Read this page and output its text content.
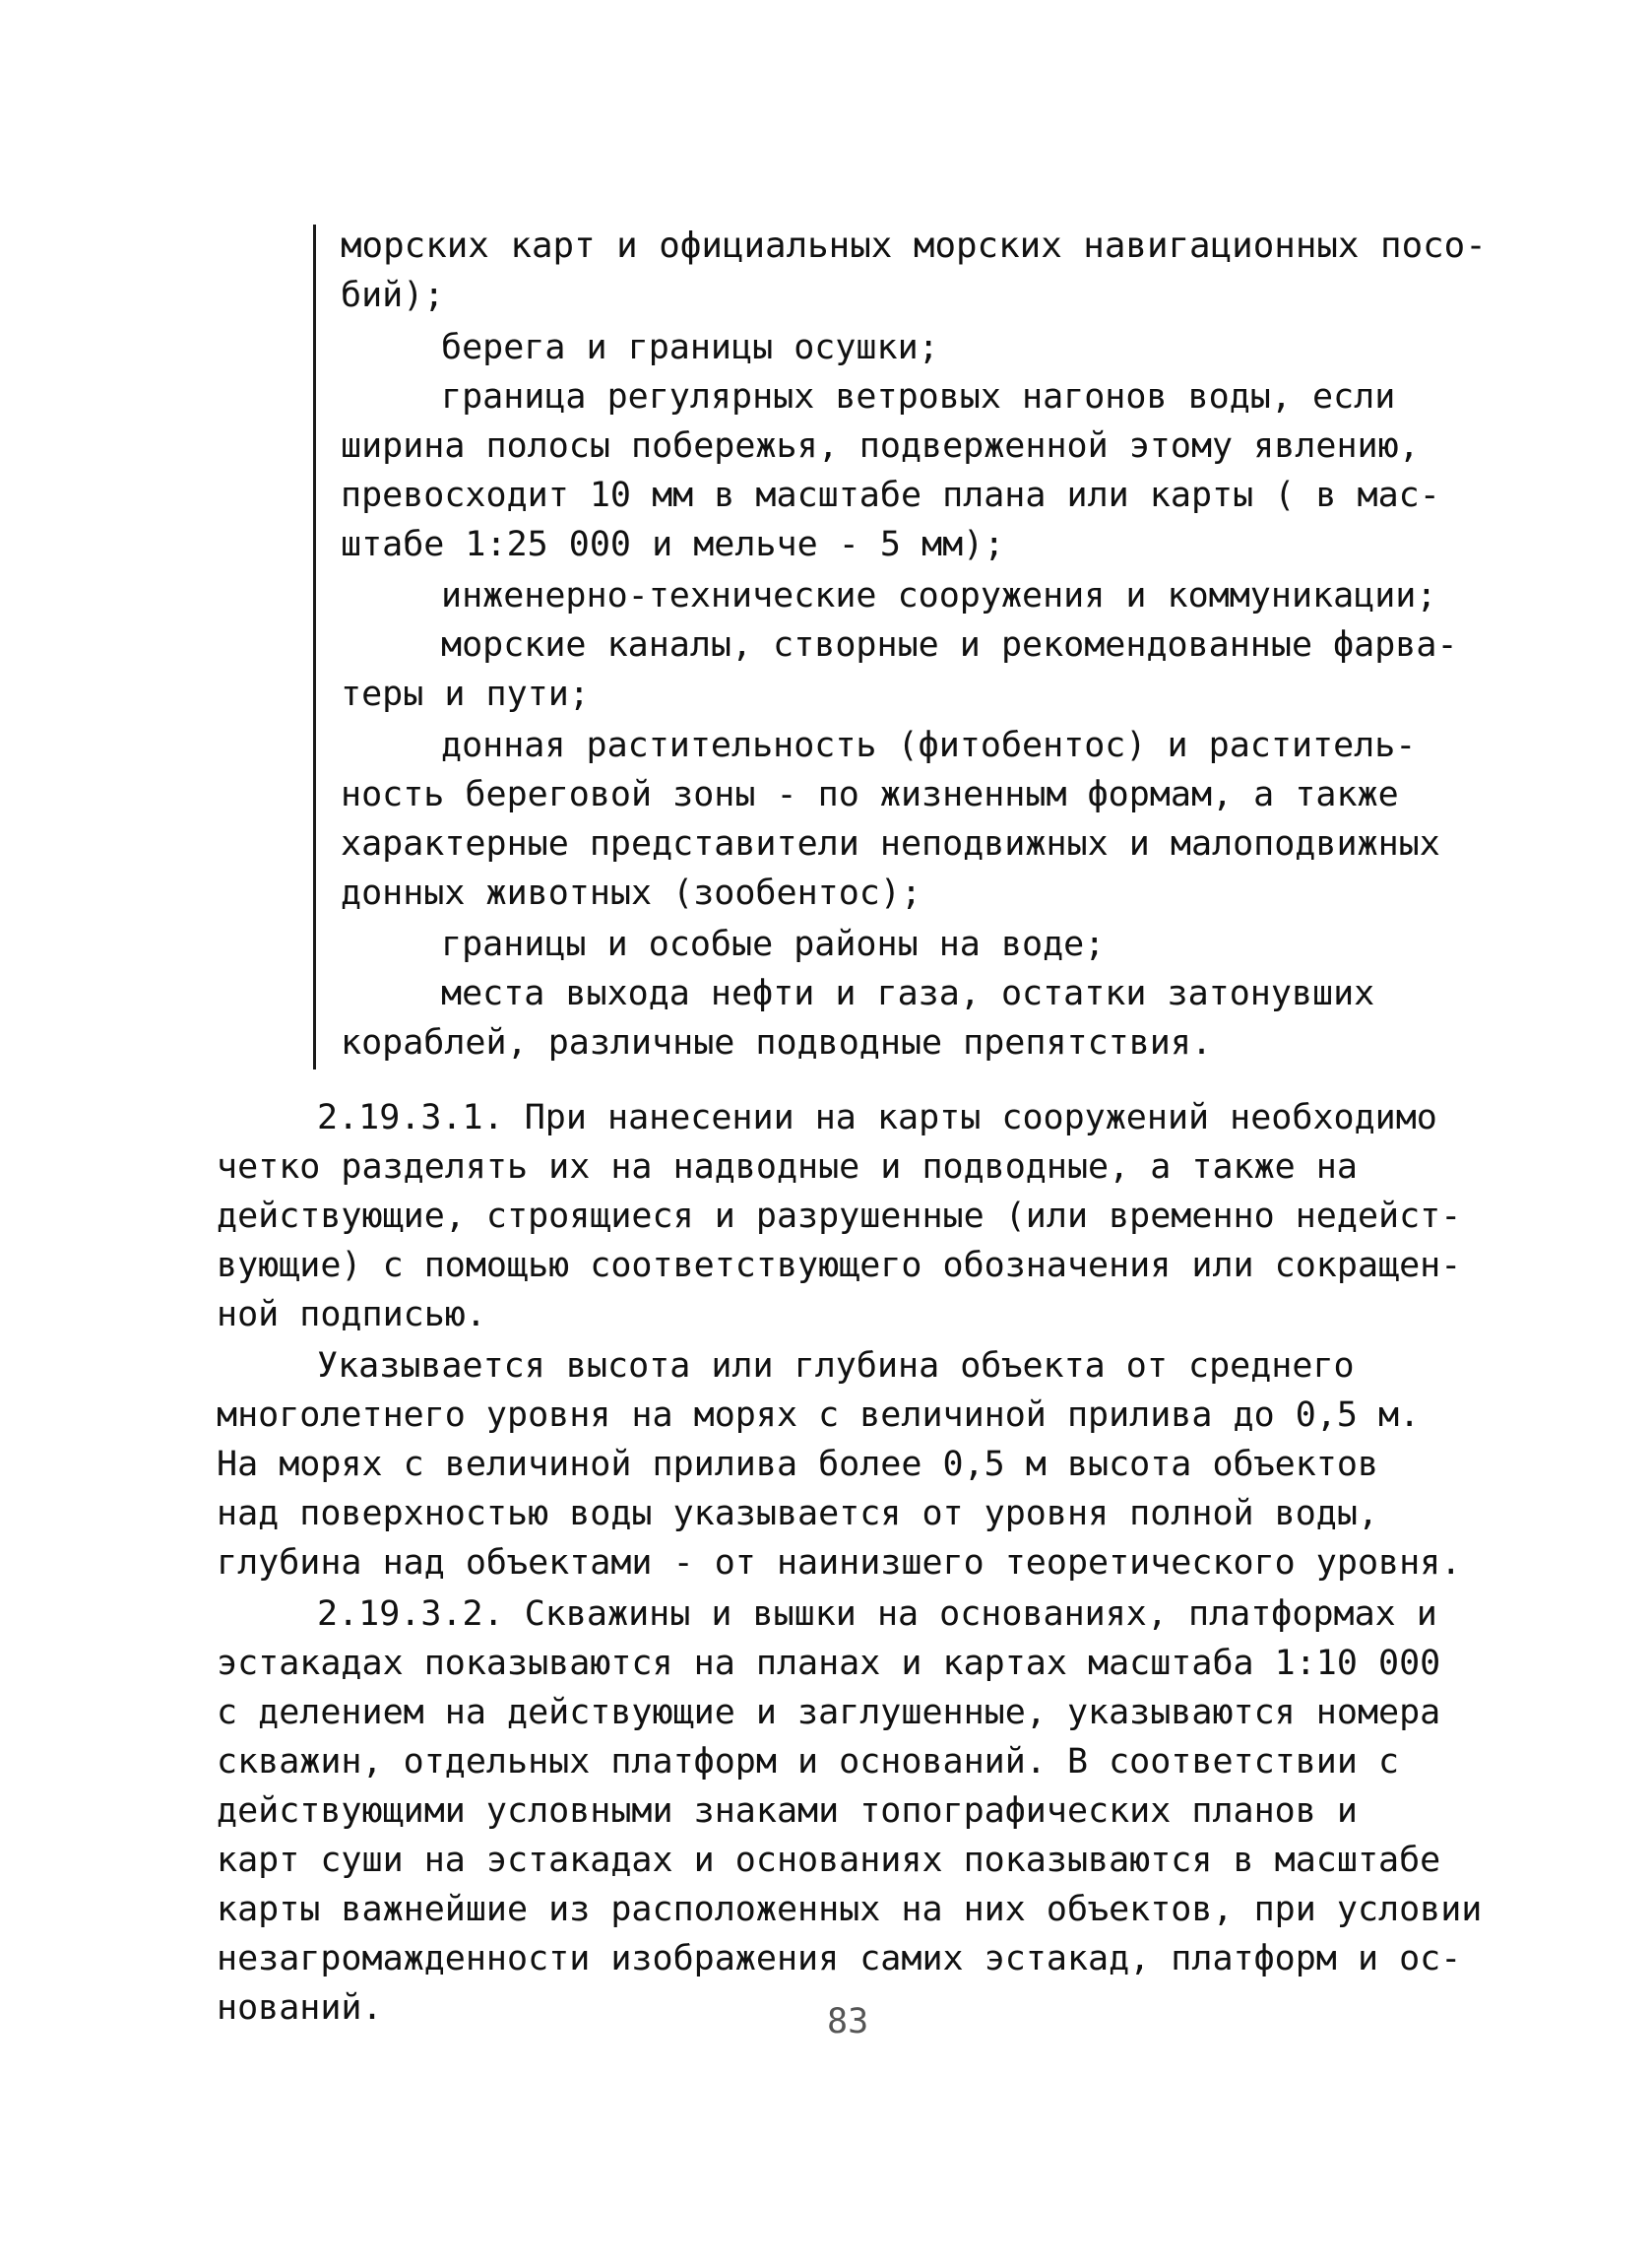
морских карт и официальных морских навигационных посо-
бий);
берега и границы осушки;
граница регулярных ветровых нагонов воды, если
ширина полосы побережья, подверженной этому явлению,
превосходит 10 мм в масштабе плана или карты ( в мас-
штабе 1:25 000 и мельче - 5 мм);
инженерно-технические сооружения и коммуникации;
морские каналы, створные и рекомендованные фарва-
теры и пути;
донная растительность (фитобентос) и раститель-
ность береговой зоны - по жизненным формам, а также
характерные представители неподвижных и малоподвижных
донных животных (зообентос);
границы и особые районы на воде;
места выхода нефти и газа, остатки затонувших
кораблей, различные подводные препятствия.
2.19.3.1. При нанесении на карты сооружений необходимо
четко разделять их на надводные и подводные, а также на
действующие, строящиеся и разрушенные (или временно недейст-
вующие) с помощью соответствующего обозначения или сокращен-
ной подписью.
Указывается высота или глубина объекта от среднего
многолетнего уровня на морях с величиной прилива до 0,5 м.
На морях с величиной прилива более 0,5 м высота объектов
над поверхностью воды указывается от уровня полной воды,
глубина над объектами - от наинизшего теоретического уровня.
2.19.3.2. Скважины и вышки на основаниях, платформах и
эстакадах показываются на планах и картах масштаба 1:10 000
с делением на действующие и заглушенные, указываются номера
скважин, отдельных платформ и оснований. В соответствии с
действующими условными знаками топографических планов и
карт суши на эстакадах и основаниях показываются в масштабе
карты важнейшие из расположенных на них объектов, при условии
незагромажденности изображения самих эстакад, платформ и ос-
нований.	83
